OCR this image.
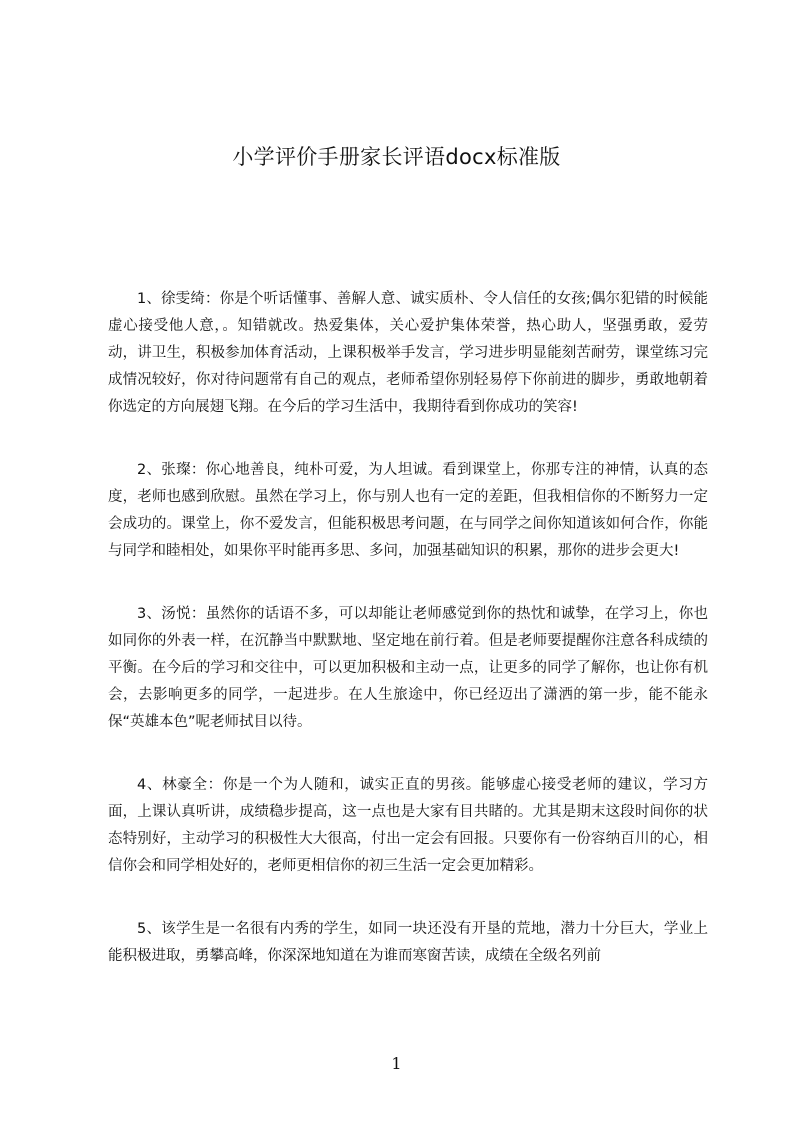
小学评价手册家长评语docx标准版

1、徐雯绮：你是个听话懂事、善解人意、诚实质朴、令人信任的女孩;偶尔犯错的时候能虚心接受他人意，。知错就改。热爱集体，关心爱护集体荣誉，热心助人，坚强勇敢，爱劳动，讲卫生，积极参加体育活动，上课积极举手发言，学习进步明显能刻苦耐劳，课堂练习完成情况较好，你对待问题常有自己的观点，老师希望你别轻易停下你前进的脚步，勇敢地朝着你选定的方向展翅飞翔。在今后的学习生活中，我期待看到你成功的笑容!

2、张璨：你心地善良，纯朴可爱，为人坦诚。看到课堂上，你那专注的神情，认真的态度，老师也感到欣慰。虽然在学习上，你与别人也有一定的差距，但我相信你的不断努力一定会成功的。课堂上，你不爱发言，但能积极思考问题，在与同学之间你知道该如何合作，你能与同学和睦相处，如果你平时能再多思、多问，加强基础知识的积累，那你的进步会更大!

3、汤悦：虽然你的话语不多，可以却能让老师感觉到你的热忱和诚挚，在学习上，你也如同你的外表一样，在沉静当中默默地、坚定地在前行着。但是老师要提醒你注意各科成绩的平衡。在今后的学习和交往中，可以更加积极和主动一点，让更多的同学了解你，也让你有机会，去影响更多的同学，一起进步。在人生旅途中，你已经迈出了潇洒的第一步，能不能永保“英雄本色”呢老师拭目以待。

4、林豪全：你是一个为人随和，诚实正直的男孩。能够虚心接受老师的建议，学习方面，上课认真听讲，成绩稳步提高，这一点也是大家有目共睹的。尤其是期末这段时间你的状态特别好，主动学习的积极性大大很高，付出一定会有回报。只要你有一份容纳百川的心，相信你会和同学相处好的，老师更相信你的初三生活一定会更加精彩。

5、该学生是一名很有内秀的学生，如同一块还没有开垦的荒地，潜力十分巨大，学业上能积极进取，勇攀高峰，你深深地知道在为谁而寒窗苦读，成绩在全级名列前

1
